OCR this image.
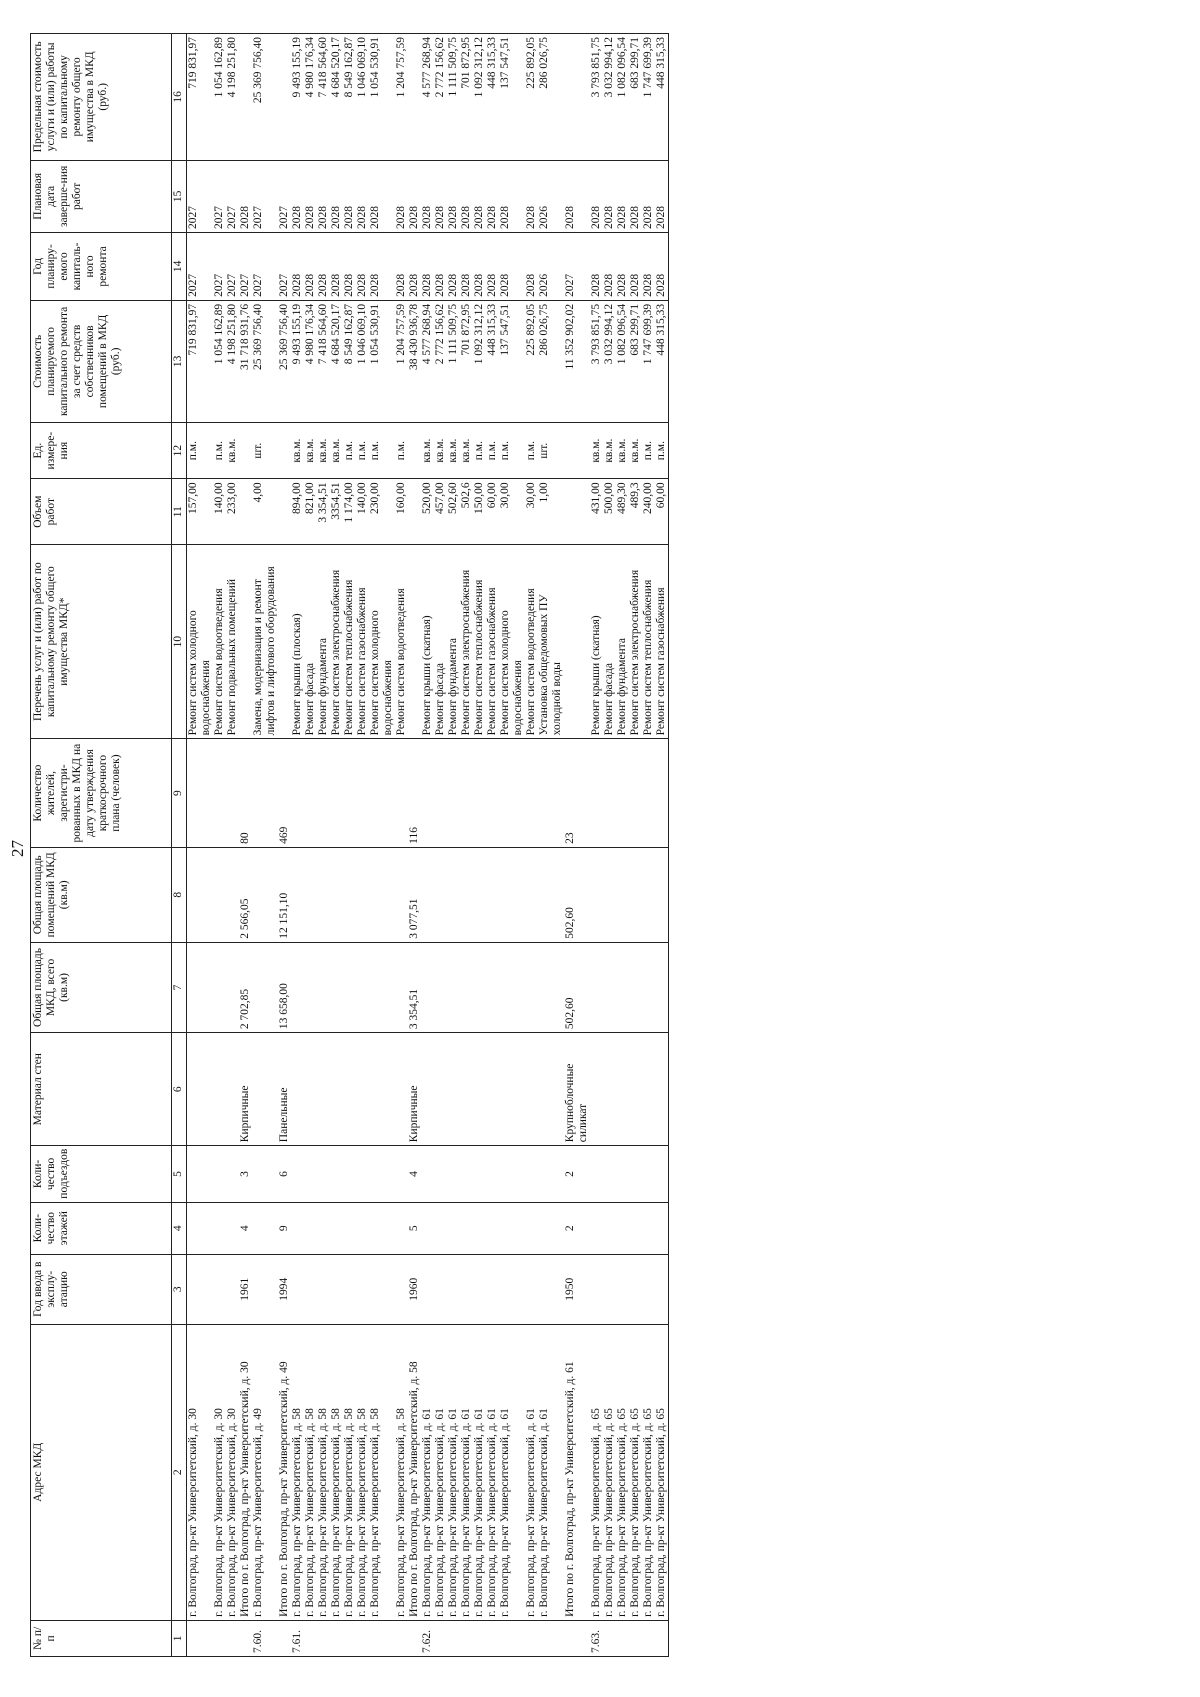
27
№ п/п	Адрес МКД	Год ввода в эксплу-атацию	Коли-чество этажей	Коли-чество подъездов	Материал стен	Общая площадь МКД, всего (кв.м)	Общая площадь помещений МКД (кв.м)	Количество жителей, зарегистри-рованных в МКД на дату утверждения краткосрочного плана (человек)	Перечень услуг и (или) работ по капитальному ремонту общего имущества МКД*	Объем работ	Ед. измере-ния	Стоимость планируемого капитального ремонта за счет средств собственников помещений в МКД (руб.)	Год планиру-емого капиталь-ного ремонта	Плановая дата заверше-ния работ	Предельная стоимость услуги и (или) работы по капитальному ремонту общего имущества в МКД (руб.)
1	2	3	4	5	6	7	8	9	10	11	12	13	14	15	16
	г. Волгоград, пр-кт Университетский, д. 30								Ремонт систем холодного водоснабжения	157,00	п.м.	719 831,97	2027	2027	719 831,97
	г. Волгоград, пр-кт Университетский, д. 30								Ремонт систем водоотведения	140,00	п.м.	1 054 162,89	2027	2027	1 054 162,89
	г. Волгоград, пр-кт Университетский, д. 30								Ремонт подвальных помещений	233,00	кв.м.	4 198 251,80	2027	2027	4 198 251,80
	Итого по г. Волгоград, пр-кт Университетский, д. 30	1961	4	3	Кирпичные	2 702,85	2 566,05	80				31 718 931,76	2027	2028	
7.60.	г. Волгоград, пр-кт Университетский, д. 49								Замена, модернизация и ремонт лифтов и лифтового оборудования	4,00	шт.	25 369 756,40	2027	2027	25 369 756,40
	Итого по г. Волгоград, пр-кт Университетский, д. 49	1994	9	6	Панельные	13 658,00	12 151,10	469				25 369 756,40	2027	2027	
7.61.	г. Волгоград, пр-кт Университетский, д. 58								Ремонт крыши (плоская)	894,00	кв.м.	9 493 155,19	2028	2028	9 493 155,19
	г. Волгоград, пр-кт Университетский, д. 58								Ремонт фасада	821,00	кв.м.	4 980 176,34	2028	2028	4 980 176,34
	г. Волгоград, пр-кт Университетский, д. 58								Ремонт фундамента	3 354,51	кв.м.	7 418 564,60	2028	2028	7 418 564,60
	г. Волгоград, пр-кт Университетский, д. 58								Ремонт систем электроснабжения	3354,51	кв.м.	4 684 520,17	2028	2028	4 684 520,17
	г. Волгоград, пр-кт Университетский, д. 58								Ремонт систем теплоснабжения	1 174,00	п.м.	8 549 162,87	2028	2028	8 549 162,87
	г. Волгоград, пр-кт Университетский, д. 58								Ремонт систем газоснабжения	140,00	п.м.	1 046 069,10	2028	2028	1 046 069,10
	г. Волгоград, пр-кт Университетский, д. 58								Ремонт систем холодного водоснабжения	230,00	п.м.	1 054 530,91	2028	2028	1 054 530,91
	г. Волгоград, пр-кт Университетский, д. 58								Ремонт систем водоотведения	160,00	п.м.	1 204 757,59	2028	2028	1 204 757,59
	Итого по г. Волгоград, пр-кт Университетский, д. 58	1960	5	4	Кирпичные	3 354,51	3 077,51	116				38 430 936,78	2028	2028	
7.62.	г. Волгоград, пр-кт Университетский, д. 61								Ремонт крыши (скатная)	520,00	кв.м.	4 577 268,94	2028	2028	4 577 268,94
	г. Волгоград, пр-кт Университетский, д. 61								Ремонт фасада	457,00	кв.м.	2 772 156,62	2028	2028	2 772 156,62
	г. Волгоград, пр-кт Университетский, д. 61								Ремонт фундамента	502,60	кв.м.	1 111 509,75	2028	2028	1 111 509,75
	г. Волгоград, пр-кт Университетский, д. 61								Ремонт систем электроснабжения	502,6	кв.м.	701 872,95	2028	2028	701 872,95
	г. Волгоград, пр-кт Университетский, д. 61								Ремонт систем теплоснабжения	150,00	п.м.	1 092 312,12	2028	2028	1 092 312,12
	г. Волгоград, пр-кт Университетский, д. 61								Ремонт систем газоснабжения	60,00	п.м.	448 315,33	2028	2028	448 315,33
	г. Волгоград, пр-кт Университетский, д. 61								Ремонт систем холодного водоснабжения	30,00	п.м.	137 547,51	2028	2028	137 547,51
	г. Волгоград, пр-кт Университетский, д. 61								Ремонт систем водоотведения	30,00	п.м.	225 892,05	2028	2028	225 892,05
	г. Волгоград, пр-кт Университетский, д. 61								Установка общедомовых ПУ холодной воды	1,00	шт.	286 026,75	2026	2026	286 026,75
	Итого по г. Волгоград, пр-кт Университетский, д. 61	1950	2	2	Крупноблочные силикат	502,60	502,60	23				11 352 902,02	2027	2028	
7.63.	г. Волгоград, пр-кт Университетский, д. 65								Ремонт крыши (скатная)	431,00	кв.м.	3 793 851,75	2028	2028	3 793 851,75
	г. Волгоград, пр-кт Университетский, д. 65								Ремонт фасада	500,00	кв.м.	3 032 994,12	2028	2028	3 032 994,12
	г. Волгоград, пр-кт Университетский, д. 65								Ремонт фундамента	489,30	кв.м.	1 082 096,54	2028	2028	1 082 096,54
	г. Волгоград, пр-кт Университетский, д. 65								Ремонт систем электроснабжения	489,3	кв.м.	683 299,71	2028	2028	683 299,71
	г. Волгоград, пр-кт Университетский, д. 65								Ремонт систем теплоснабжения	240,00	п.м.	1 747 699,39	2028	2028	1 747 699,39
	г. Волгоград, пр-кт Университетский, д. 65								Ремонт систем газоснабжения	60,00	п.м.	448 315,33	2028	2028	448 315,33
